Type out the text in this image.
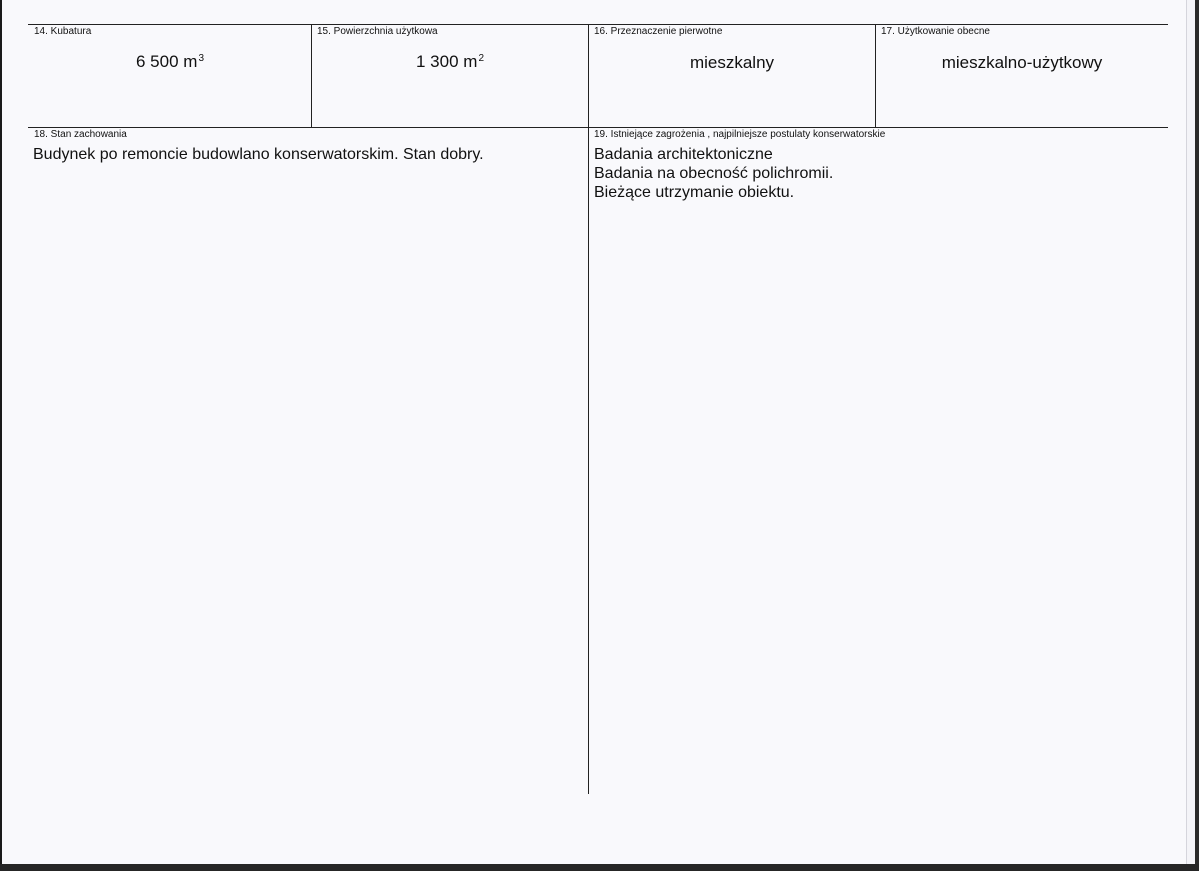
14. Kubatura
6 500 $m^3$
15. Powierzchnia użytkowa
1 300 $m^2$
16. Przeznaczenie pierwotne
mieszkalny
17. Użytkowanie obecne
mieszkalno-użytkowy
18. Stan zachowania
Budynek po remoncie budowlano konserwatorskim. Stan dobry.
19. Istniejące zagrożenia , najpilniejsze postulaty konserwatorskie
Badania architektoniczne
Badania na obecność polichromii.
Bieżące utrzymanie obiektu.
